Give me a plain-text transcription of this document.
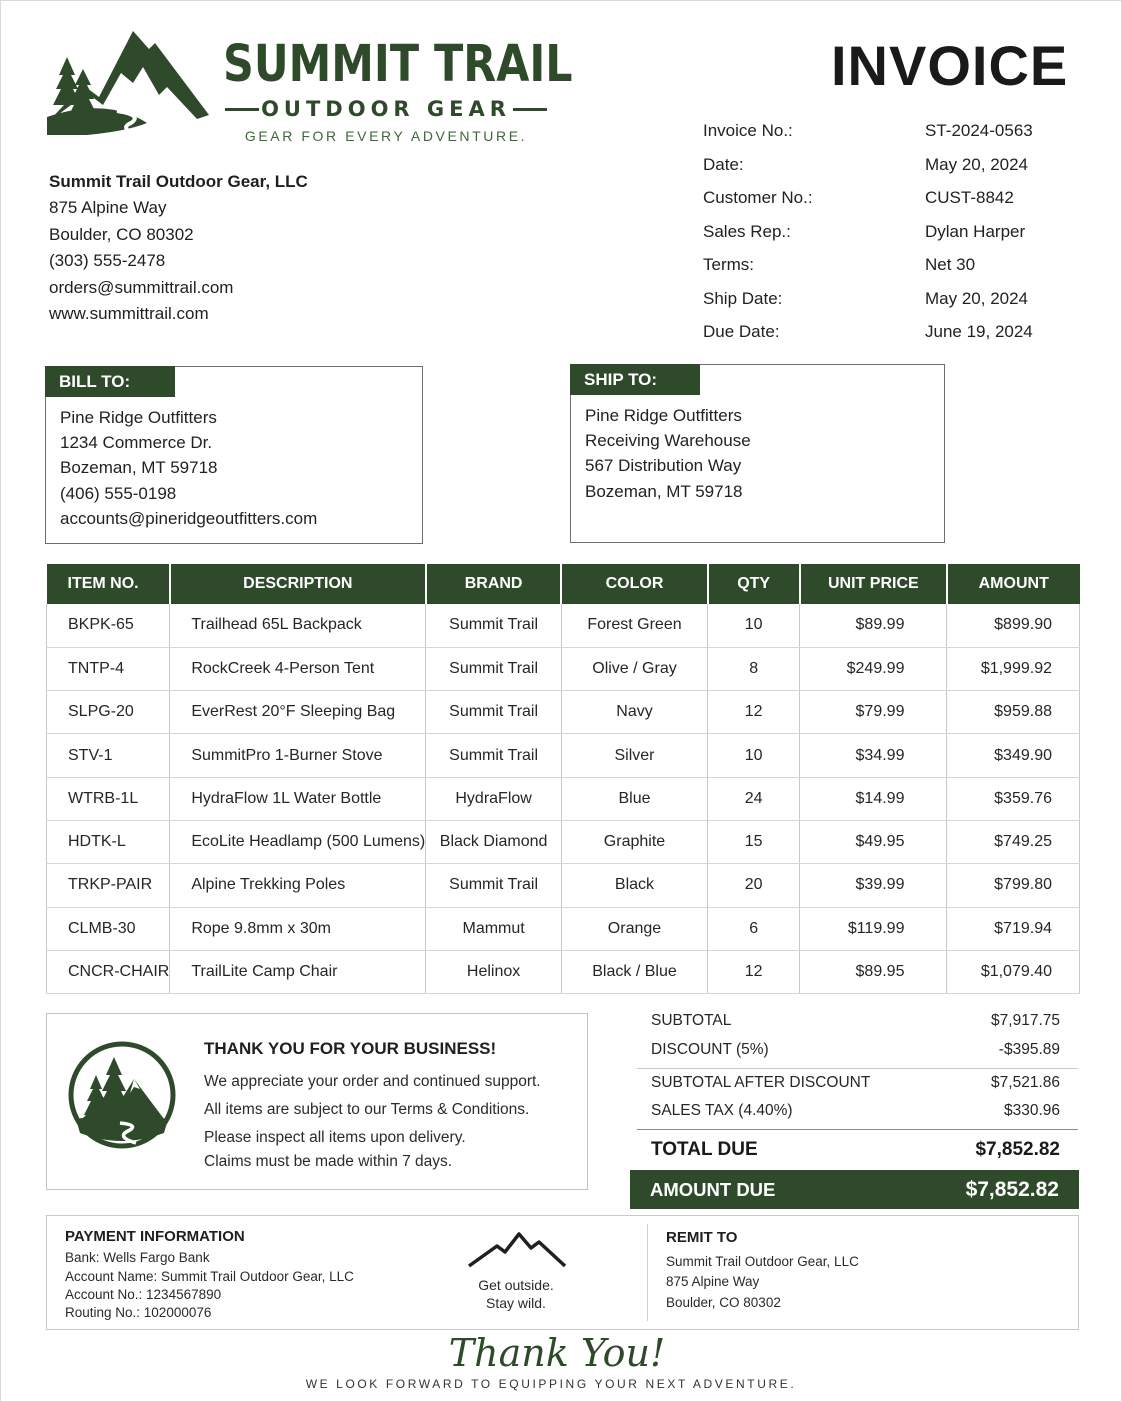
SUMMIT TRAIL
OUTDOOR GEAR
GEAR FOR EVERY ADVENTURE.
INVOICE
Summit Trail Outdoor Gear, LLC
875 Alpine Way
Boulder, CO 80302
(303) 555-2478
orders@summittrail.com
www.summittrail.com
Invoice No.:	ST-2024-0563
Date:	May 20, 2024
Customer No.:	CUST-8842
Sales Rep.:	Dylan Harper
Terms:	Net 30
Ship Date:	May 20, 2024
Due Date:	June 19, 2024
BILL TO:
Pine Ridge Outfitters
1234 Commerce Dr.
Bozeman, MT 59718
(406) 555-0198
accounts@pineridgeoutfitters.com
SHIP TO:
Pine Ridge Outfitters
Receiving Warehouse
567 Distribution Way
Bozeman, MT 59718
ITEM NO.	DESCRIPTION	BRAND	COLOR	QTY	UNIT PRICE	AMOUNT
BKPK-65	Trailhead 65L Backpack	Summit Trail	Forest Green	10	$89.99	$899.90
TNTP-4	RockCreek 4-Person Tent	Summit Trail	Olive / Gray	8	$249.99	$1,999.92
SLPG-20	EverRest 20°F Sleeping Bag	Summit Trail	Navy	12	$79.99	$959.88
STV-1	SummitPro 1-Burner Stove	Summit Trail	Silver	10	$34.99	$349.90
WTRB-1L	HydraFlow 1L Water Bottle	HydraFlow	Blue	24	$14.99	$359.76
HDTK-L	EcoLite Headlamp (500 Lumens)	Black Diamond	Graphite	15	$49.95	$749.25
TRKP-PAIR	Alpine Trekking Poles	Summit Trail	Black	20	$39.99	$799.80
CLMB-30	Rope 9.8mm x 30m	Mammut	Orange	6	$119.99	$719.94
CNCR-CHAIR	TrailLite Camp Chair	Helinox	Black / Blue	12	$89.95	$1,079.40
THANK YOU FOR YOUR BUSINESS!
We appreciate your order and continued support.
All items are subject to our Terms & Conditions.
Please inspect all items upon delivery.
Claims must be made within 7 days.
SUBTOTAL	$7,917.75
DISCOUNT (5%)	-$395.89
SUBTOTAL AFTER DISCOUNT	$7,521.86
SALES TAX (4.40%)	$330.96
TOTAL DUE	$7,852.82
AMOUNT DUE	$7,852.82
PAYMENT INFORMATION
Bank: Wells Fargo Bank
Account Name: Summit Trail Outdoor Gear, LLC
Account No.: 1234567890
Routing No.: 102000076
Get outside.
Stay wild.
REMIT TO
Summit Trail Outdoor Gear, LLC
875 Alpine Way
Boulder, CO 80302
Thank You!
WE LOOK FORWARD TO EQUIPPING YOUR NEXT ADVENTURE.
